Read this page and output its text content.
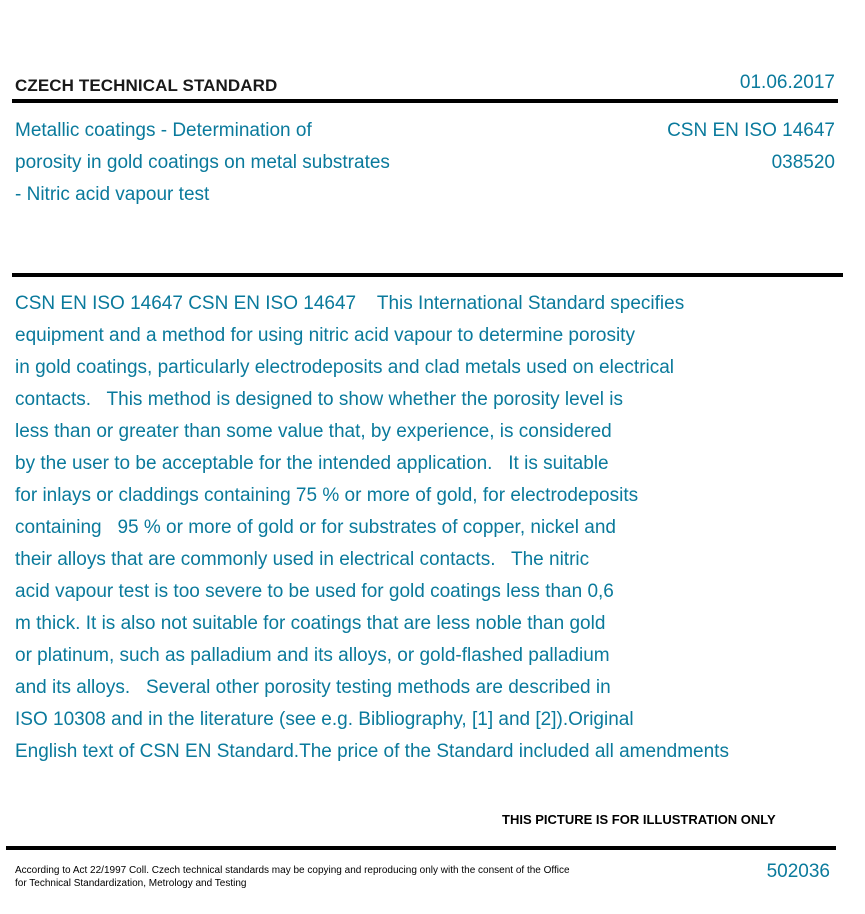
CZECH TECHNICAL STANDARD	01.06.2017
Metallic coatings - Determination of
porosity in gold coatings on metal substrates
- Nitric acid vapour test
CSN EN ISO 14647
038520
CSN EN ISO 14647 CSN EN ISO 14647    This International Standard specifies
equipment and a method for using nitric acid vapour to determine porosity
in gold coatings, particularly electrodeposits and clad metals used on electrical
contacts.   This method is designed to show whether the porosity level is
less than or greater than some value that, by experience, is considered
by the user to be acceptable for the intended application.   It is suitable
for inlays or claddings containing 75 % or more of gold, for electrodeposits
containing   95 % or more of gold or for substrates of copper, nickel and
their alloys that are commonly used in electrical contacts.   The nitric
acid vapour test is too severe to be used for gold coatings less than 0,6
m thick. It is also not suitable for coatings that are less noble than gold
or platinum, such as palladium and its alloys, or gold-flashed palladium
and its alloys.   Several other porosity testing methods are described in
ISO 10308 and in the literature (see e.g. Bibliography, [1] and [2]).Original
English text of CSN EN Standard.The price of the Standard included all amendments
THIS PICTURE IS FOR ILLUSTRATION ONLY
According to Act 22/1997 Coll. Czech technical standards may be copying and reproducing only with the consent of the Office
for Technical Standardization, Metrology and Testing
502036
